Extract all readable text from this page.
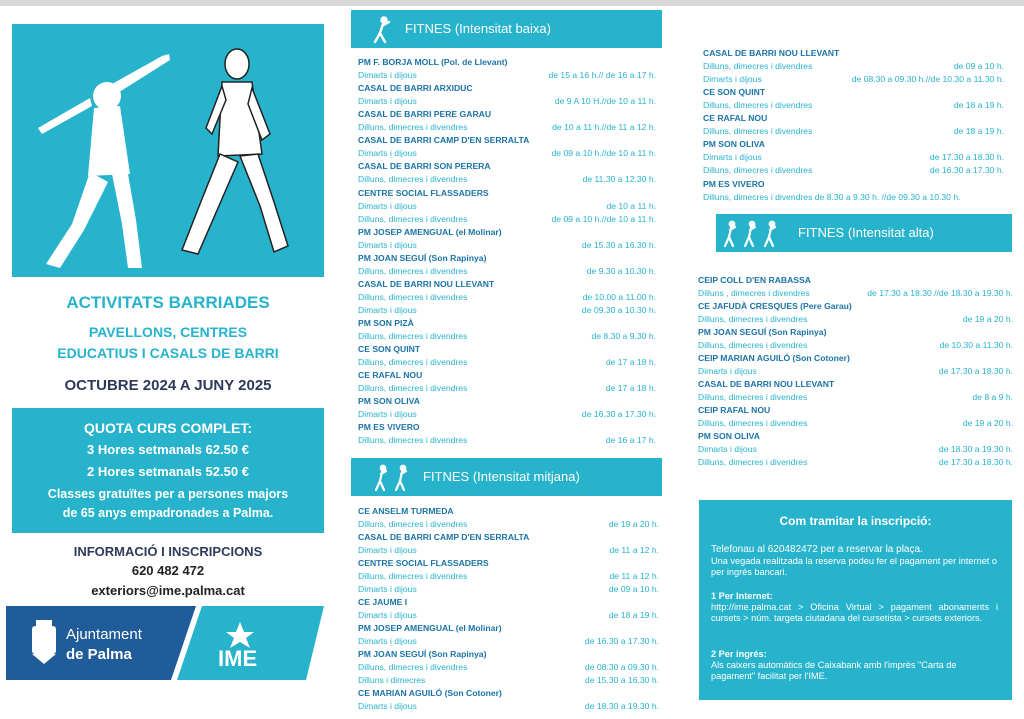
ACTIVITATS BARRIADES
PAVELLONS, CENTRES
EDUCATIUS I CASALS DE BARRI
OCTUBRE 2024 A JUNY 2025
QUOTA CURS COMPLET:
3 Hores setmanals 62.50 €
2 Hores setmanals 52.50 €
Classes gratuïtes per a persones majors
de 65 anys empadronades a Palma.
INFORMACIÓ I INSCRIPCIONS
620 482 472
exteriors@ime.palma.cat
Ajuntament
de Palma	IME
FITNES (Intensitat baixa)
FITNES (Intensitat mitjana)
FITNES (Intensitat alta)
PM F. BORJA MOLL (Pol. de Llevant)
Dimarts i dijous	de 15 a 16 h.// de 16 a 17 h.
CASAL DE BARRI ARXIDUC
Dimarts i dijous	de 9 A 10 H.//de 10 a 11 h.
CASAL DE BARRI PERE GARAU
Dilluns, dimecres i divendres	de 10 a 11 h.//de 11 a 12 h.
CASAL DE BARRI CAMP D'EN SERRALTA
Dimarts i dijous	de 09 a 10 h.//de 10 a 11 h.
CASAL DE BARRI SON PERERA
Dilluns, dimecres i divendres	de 11.30 a 12.30 h.
CENTRE SOCIAL FLASSADERS
Dimarts i dijous	de 10 a 11 h.
Dilluns, dimecres i divendres	de 09 a 10 h.//de 10 a 11 h.
PM JOSEP AMENGUAL (el Molinar)
Dimarts i dijous	de 15.30 a 16.30 h.
PM JOAN SEGUÍ (Son Rapinya)
Dilluns, dimecres i divendres	de 9.30 a 10.30 h.
CASAL DE BARRI NOU LLEVANT
Dilluns, dimecres i divendres	de 10.00 a 11.00 h.
Dimarts i dijous	de 09.30 a 10.30 h.
PM SON PIZÀ
Dilluns, dimecres i divendres	de 8.30 a 9.30 h.
CE SON QUINT
Dilluns, dimecres i divendres	de 17 a 18 h.
CE RAFAL NOU
Dilluns, dimecres i divendres	de 17 a 18 h.
PM SON OLIVA
Dimarts i dijous	de 16.30 a 17.30 h.
PM ES VIVERO
Dilluns, dimecres i divendres	de 16 a 17 h.
CE ANSELM TURMEDA
Dilluns, dimecres i divendres	de 19 a 20 h.
CASAL DE BARRI CAMP D'EN SERRALTA
Dimarts i dijous	de 11 a 12 h.
CENTRE SOCIAL FLASSADERS
Dilluns, dimecres i divendres	de 11 a 12 h.
Dimarts i dijous	de 09 a 10 h.
CE JAUME I
Dimarts i dijous	de 18 a 19 h.
PM JOSEP AMENGUAL (el Molinar)
Dimarts i dijous	de 16.30 a 17.30 h.
PM JOAN SEGUÍ (Son Rapinya)
Dilluns, dimecres i divendres	de 08.30 a 09.30 h.
Dilluns i dimecres	de 15.30 a 16.30 h.
CE MARIAN AGUILÓ (Son Cotoner)
Dimarts i dijous	de 18.30 a 19.30 h.
CASAL DE BARRI NOU LLEVANT
Dilluns, dimecres i divendres	de 09 a 10 h.
Dimarts i dijous	de 08.30 a 09.30 h.//de 10.30 a 11.30 h.
CE SON QUINT
Dilluns, dimecres i divendres	de 18 a 19 h.
CE RAFAL NOU
Dilluns, dimecres i divendres	de 18 a 19 h.
PM SON OLIVA
Dimarts i dijous	de 17.30 a 18.30 h.
Dilluns, dimecres i divendres	de 16.30 a 17.30 h.
PM ES VIVERO
Dilluns, dimecres i divendres de 8.30 a 9.30 h. //de 09.30 a 10.30 h.
CEIP COLL D'EN RABASSA
Dilluns , dimecres i divendres	de 17.30 a 18.30 //de 18.30 a 19.30 h.
CE JAFUDÀ CRESQUES (Pere Garau)
Dilluns, dimecres i divendres	de 19 a 20 h.
PM JOAN SEGUÍ (Son Rapinya)
Dilluns, dimecres i divendres	de 10.30 a 11.30 h.
CEIP MARIAN AGUILÓ (Son Cotoner)
Dimarts i dijous	de 17.30 a 18.30 h.
CASAL DE BARRI NOU LLEVANT
Dilluns, dimecres i divendres	de 8 a 9 h.
CEIP RAFAL NOU
Dilluns, dimecres i divendres	de 19 a 20 h.
PM SON OLIVA
Dimarts i dijous	de 18.30 a 19.30 h.
Dilluns, dimecres i divendres	de 17.30 a 18.30 h.
Com tramitar la inscripció:
Telefonau al 620482472 per a reservar la plaça.
Una vegada realitzada la reserva podeu fer el pagament per internet o per ingrés bancari.
1 Per Internet:
http://ime.palma.cat > Oficina Virtual > pagament abonaments i cursets > núm. targeta ciutadana del cursetista > cursets exteriors.
2 Per ingrés:
Als caixers automàtics de Caixabank amb l'imprès "Carta de pagament" facilitat per l'IME.
